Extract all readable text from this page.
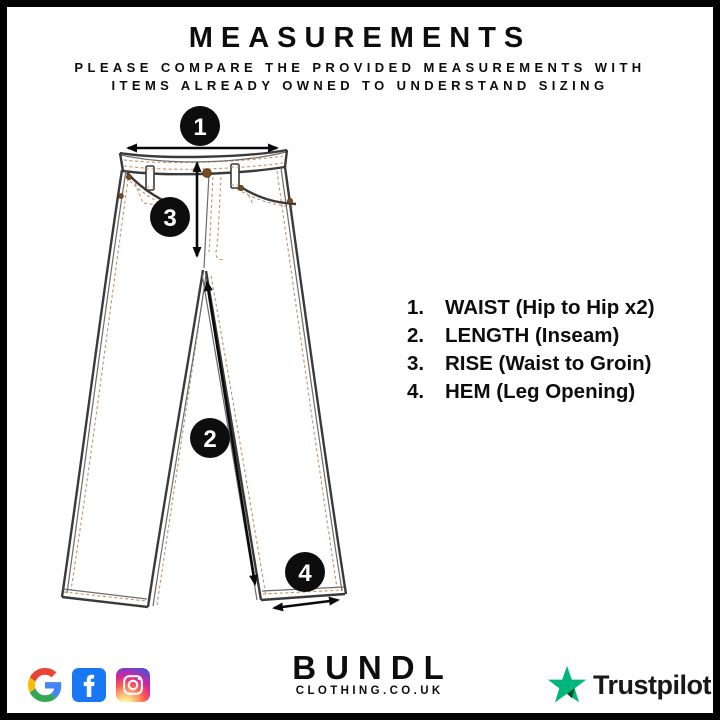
MEASUREMENTS

PLEASE COMPARE THE PROVIDED MEASUREMENTS WITH

ITEMS ALREADY OWNED TO UNDERSTAND SIZING

1
3
2
4
1.	WAIST (Hip to Hip x2)
2.	LENGTH (Inseam)
3.	RISE (Waist to Groin)
4.	HEM (Leg Opening)
BUNDL
CLOTHING.CO.UK	Trustpilot
